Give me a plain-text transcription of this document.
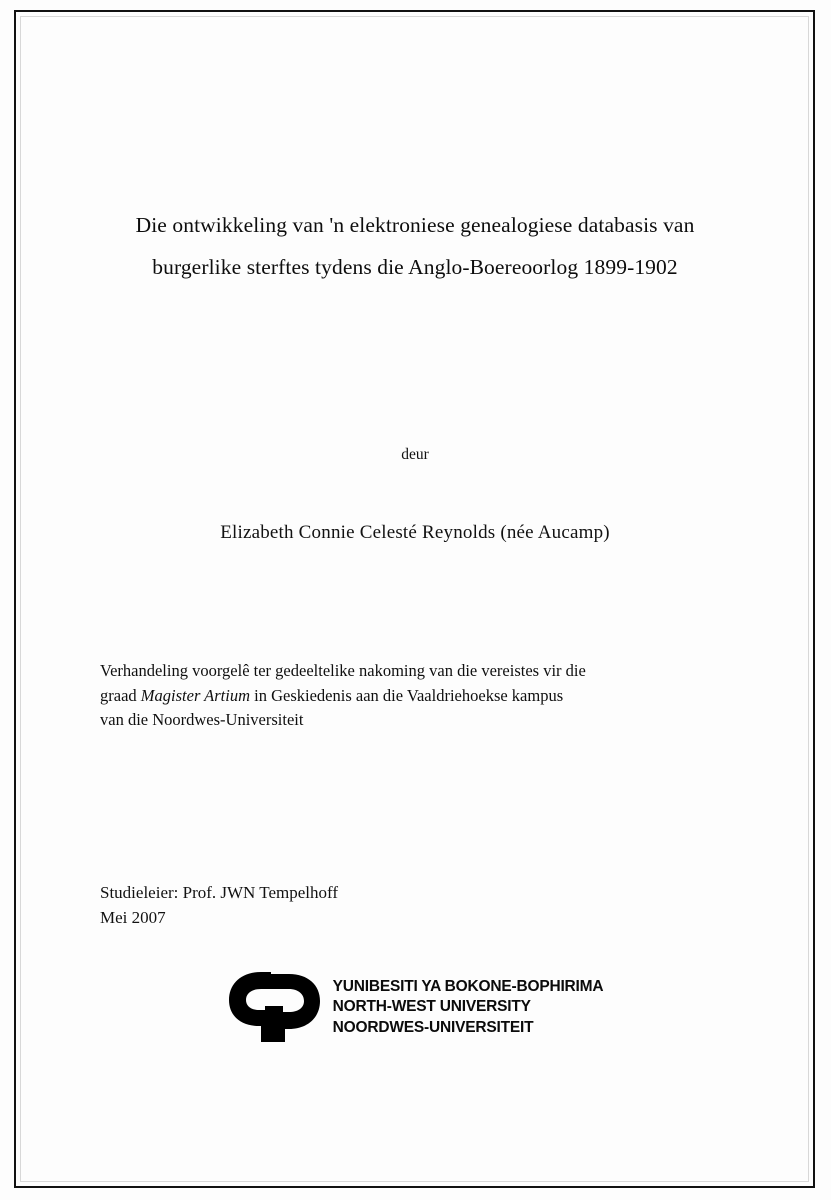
Die ontwikkeling van 'n elektroniese genealogiese databasis van
burgerlike sterftes tydens die Anglo-Boereoorlog 1899-1902
deur
Elizabeth Connie Celesté Reynolds (née Aucamp)

Verhandeling voorgelê ter gedeeltelike nakoming van die vereistes vir die

graad Magister Artium in Geskiedenis aan die Vaaldriehoekse kampus

van die Noordwes-Universiteit

Studieleier: Prof. JWN Tempelhoff
Mei 2007
YUNIBESITI YA BOKONE-BOPHIRIMA
NORTH-WEST UNIVERSITY
NOORDWES-UNIVERSITEIT
